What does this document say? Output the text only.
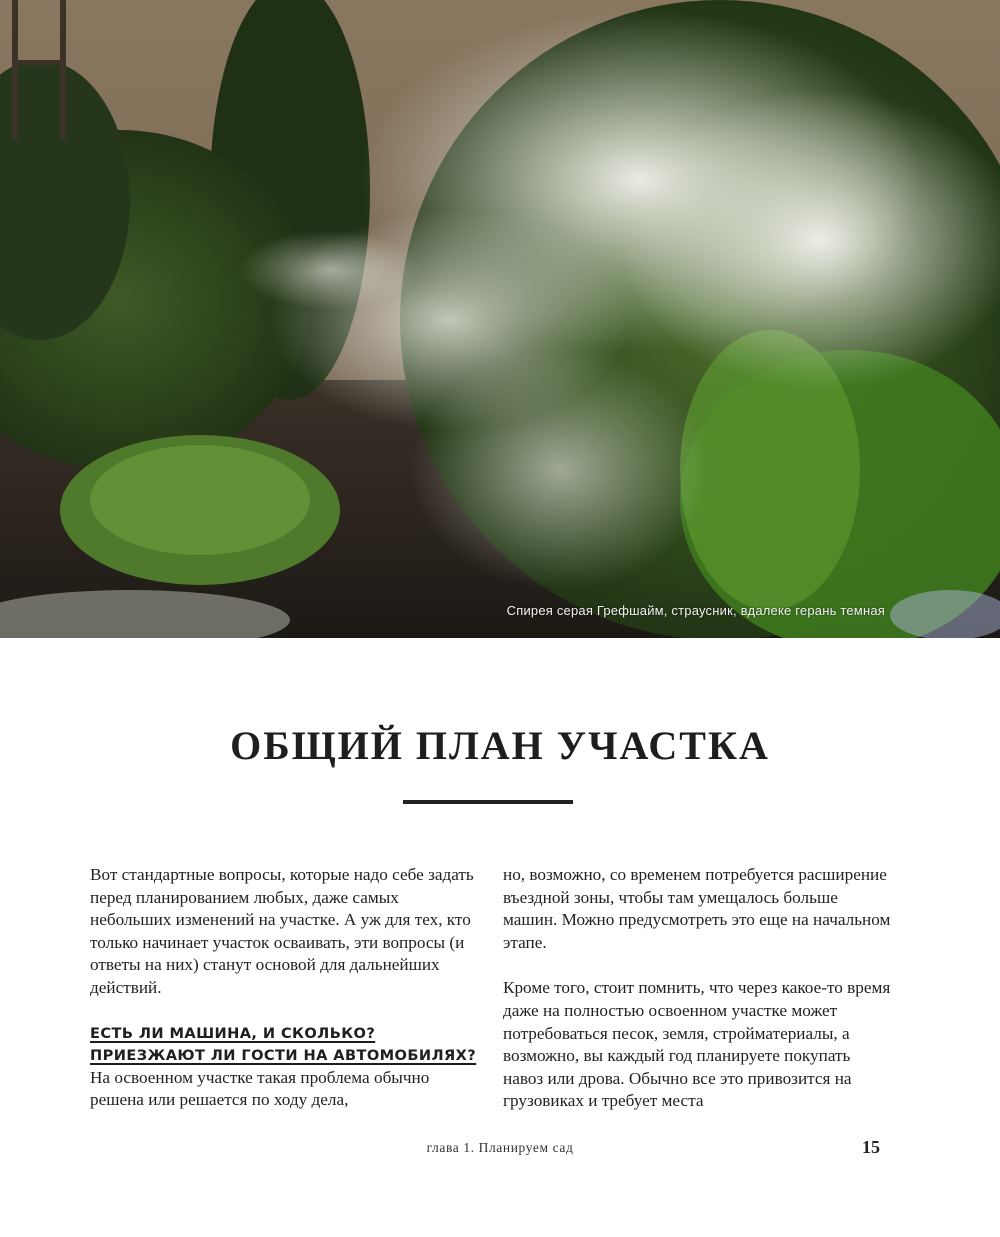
Спирея серая Грефшайм, страусник, вдалеке герань темная
ОБЩИЙ ПЛАН УЧАСТКА

Вот стандартные вопросы, которые надо себе задать перед планированием любых, даже самых небольших изменений на участке. А уж для тех, кто только начинает участок осваивать, эти вопросы (и ответы на них) станут основой для дальнейших действий.

ЕСТЬ ЛИ МАШИНА, И СКОЛЬКО? ПРИЕЗЖАЮТ ЛИ ГОСТИ НА АВТОМОБИЛЯХ?

На освоенном участке такая проблема обычно решена или решается по ходу дела,

но, возможно, со временем потребуется расширение въездной зоны, чтобы там умещалось больше машин. Можно предусмотреть это еще на начальном этапе.

Кроме того, стоит помнить, что через какое-то время даже на полностью освоенном участке может потребоваться песок, земля, стройматериалы, а возможно, вы каждый год планируете покупать навоз или дрова. Обычно все это привозится на грузовиках и требует места

глава 1. Планируем сад	15
